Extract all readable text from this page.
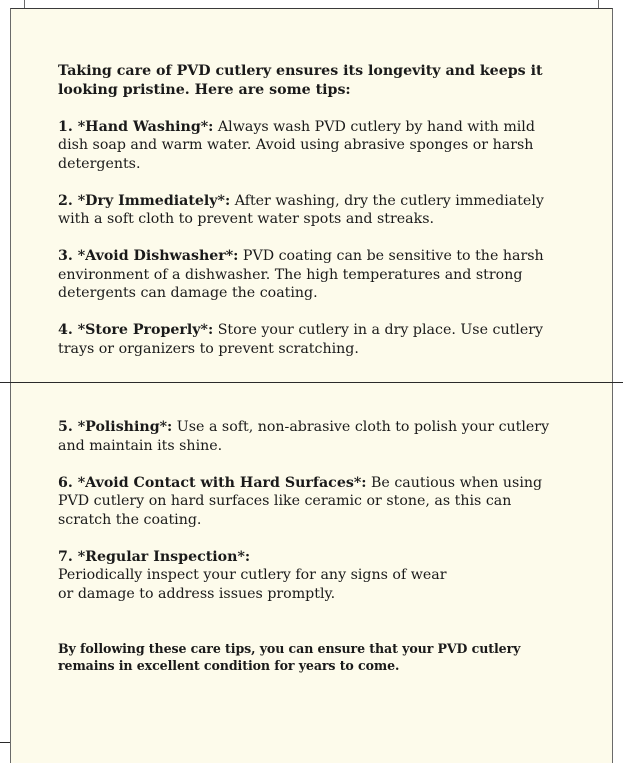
Taking care of PVD cutlery ensures its longevity and keeps it looking pristine. Here are some tips:

1. *Hand Washing*: Always wash PVD cutlery by hand with mild dish soap and warm water. Avoid using abrasive sponges or harsh detergents.

2. *Dry Immediately*: After washing, dry the cutlery immediately with a soft cloth to prevent water spots and streaks.

3. *Avoid Dishwasher*: PVD coating can be sensitive to the harsh environment of a dishwasher. The high temperatures and strong detergents can damage the coating.

4. *Store Properly*: Store your cutlery in a dry place. Use cutlery trays or organizers to prevent scratching.

5. *Polishing*: Use a soft, non-abrasive cloth to polish your cutlery and maintain its shine.

6. *Avoid Contact with Hard Surfaces*: Be cautious when using PVD cutlery on hard surfaces like ceramic or stone, as this can scratch the coating.

7. *Regular Inspection*:
Periodically inspect your cutlery for any signs of wear
or damage to address issues promptly.

By following these care tips, you can ensure that your PVD cutlery remains in excellent condition for years to come.
